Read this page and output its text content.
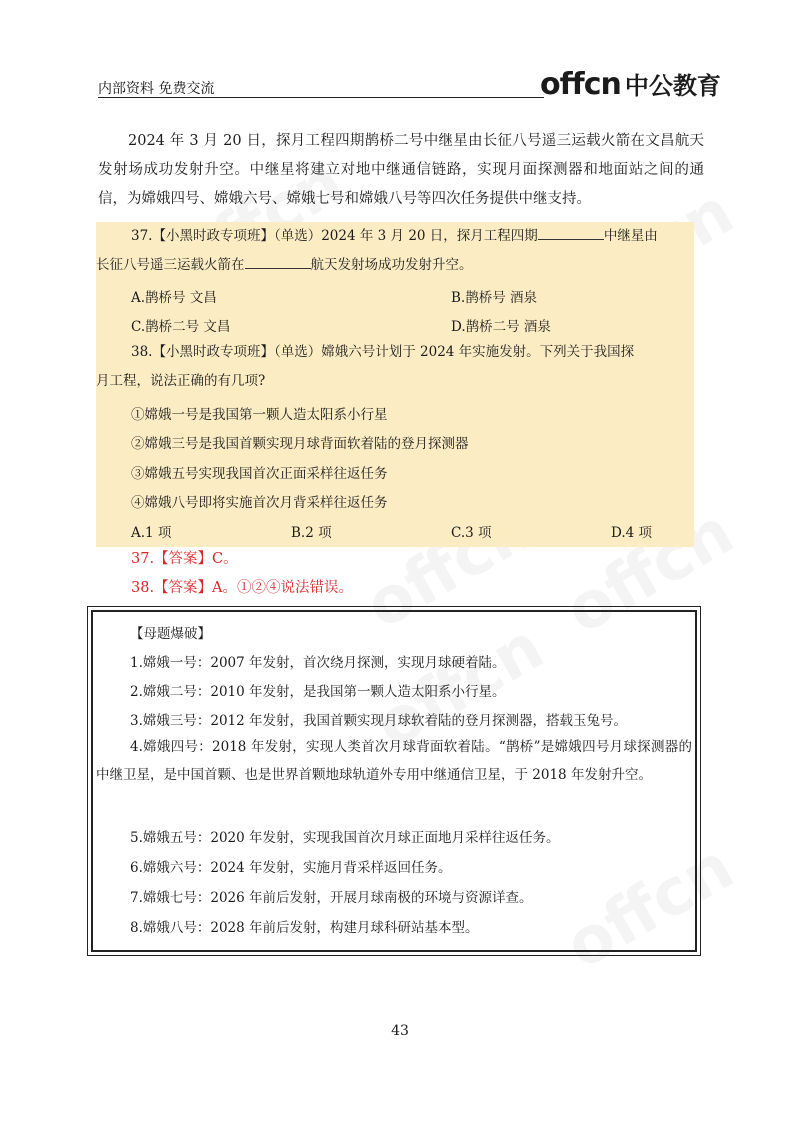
内部资料 免费交流	offcn 中公教育

2024 年 3 月 20 日，探月工程四期鹊桥二号中继星由长征八号遥三运载火箭在文昌航天发射场成功发射升空。中继星将建立对地中继通信链路，实现月面探测器和地面站之间的通信，为嫦娥四号、嫦娥六号、嫦娥七号和嫦娥八号等四次任务提供中继支持。

37.【小黑时政专项班】（单选）2024 年 3 月 20 日，探月工程四期	中继星由
长征八号遥三运载火箭在	航天发射场成功发射升空。
A.鹊桥号 文昌	B.鹊桥号 酒泉
C.鹊桥二号 文昌	D.鹊桥二号 酒泉
38.【小黑时政专项班】（单选）嫦娥六号计划于 2024 年实施发射。下列关于我国探
月工程，说法正确的有几项?
①嫦娥一号是我国第一颗人造太阳系小行星
②嫦娥三号是我国首颗实现月球背面软着陆的登月探测器
③嫦娥五号实现我国首次正面采样往返任务
④嫦娥八号即将实施首次月背采样往返任务
A.1 项	B.2 项	C.3 项	D.4 项
37.【答案】C。
38.【答案】A。①②④说法错误。
【母题爆破】
1.嫦娥一号：2007 年发射，首次绕月探测，实现月球硬着陆。
2.嫦娥二号：2010 年发射，是我国第一颗人造太阳系小行星。
3.嫦娥三号：2012 年发射，我国首颗实现月球软着陆的登月探测器，搭载玉兔号。
4.嫦娥四号：2018 年发射，实现人类首次月球背面软着陆。“鹊桥”是嫦娥四号月球探测器的中继卫星，是中国首颗、也是世界首颗地球轨道外专用中继通信卫星，于 2018 年发射升空。
5.嫦娥五号：2020 年发射，实现我国首次月球正面地月采样往返任务。
6.嫦娥六号：2024 年发射，实施月背采样返回任务。
7.嫦娥七号：2026 年前后发射，开展月球南极的环境与资源详查。
8.嫦娥八号：2028 年前后发射，构建月球科研站基本型。
43
